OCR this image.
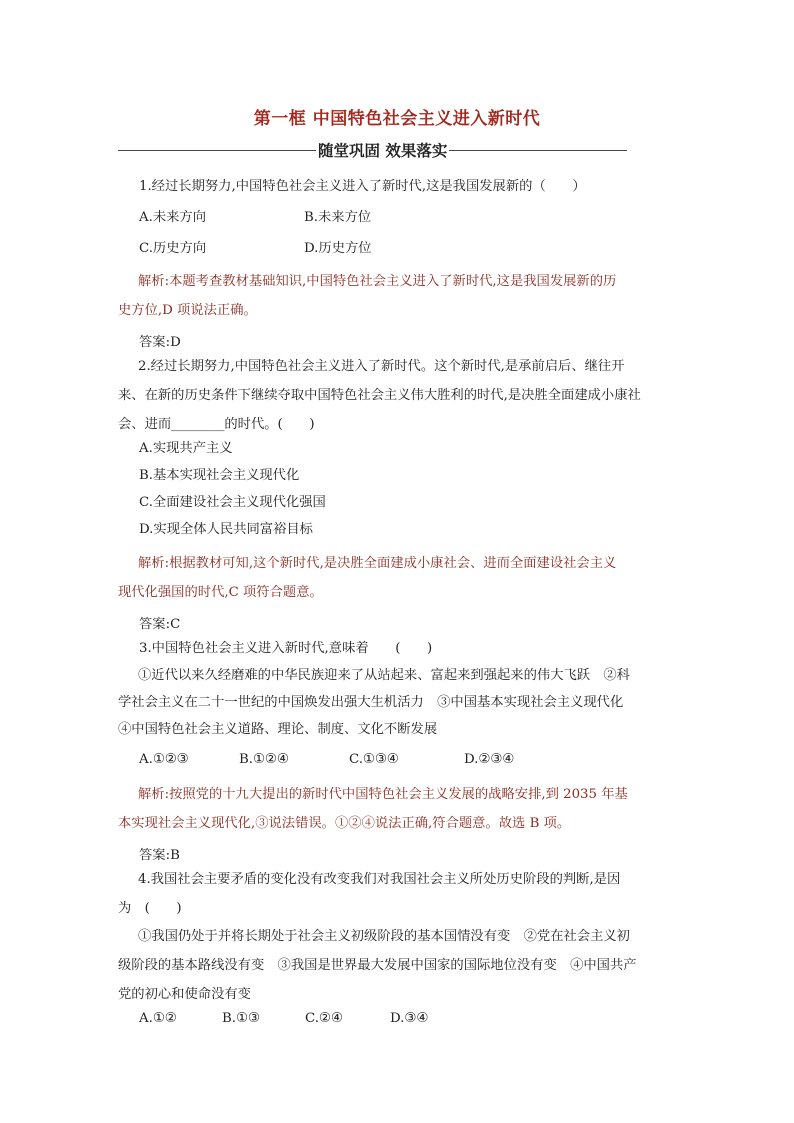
第一框 中国特色社会主义进入新时代
随堂巩固 效果落实
1.经过长期努力,中国特色社会主义进入了新时代,这是我国发展新的（　　）
A.未来方向	B.未来方位
C.历史方向	D.历史方位
解析:本题考查教材基础知识,中国特色社会主义进入了新时代,这是我国发展新的历
史方位,D 项说法正确。
答案:D
2.经过长期努力,中国特色社会主义进入了新时代。这个新时代,是承前启后、继往开
来、在新的历史条件下继续夺取中国特色社会主义伟大胜利的时代,是决胜全面建成小康社
会、进而________的时代。(　　)
A.实现共产主义
B.基本实现社会主义现代化
C.全面建设社会主义现代化强国
D.实现全体人民共同富裕目标
解析:根据教材可知,这个新时代,是决胜全面建成小康社会、进而全面建设社会主义
现代化强国的时代,C 项符合题意。
答案:C
3.中国特色社会主义进入新时代,意味着　　(　　)
①近代以来久经磨难的中华民族迎来了从站起来、富起来到强起来的伟大飞跃　②科
学社会主义在二十一世纪的中国焕发出强大生机活力　③中国基本实现社会主义现代化
④中国特色社会主义道路、理论、制度、文化不断发展
A.①②③	B.①②④	C.①③④	D.②③④
解析:按照党的十九大提出的新时代中国特色社会主义发展的战略安排,到 2035 年基
本实现社会主义现代化,③说法错误。①②④说法正确,符合题意。故选 B 项。
答案:B
4.我国社会主要矛盾的变化没有改变我们对我国社会主义所处历史阶段的判断,是因
为　(　　)
①我国仍处于并将长期处于社会主义初级阶段的基本国情没有变　②党在社会主义初
级阶段的基本路线没有变　③我国是世界最大发展中国家的国际地位没有变　④中国共产
党的初心和使命没有变
A.①②	B.①③	C.②④	D.③④
